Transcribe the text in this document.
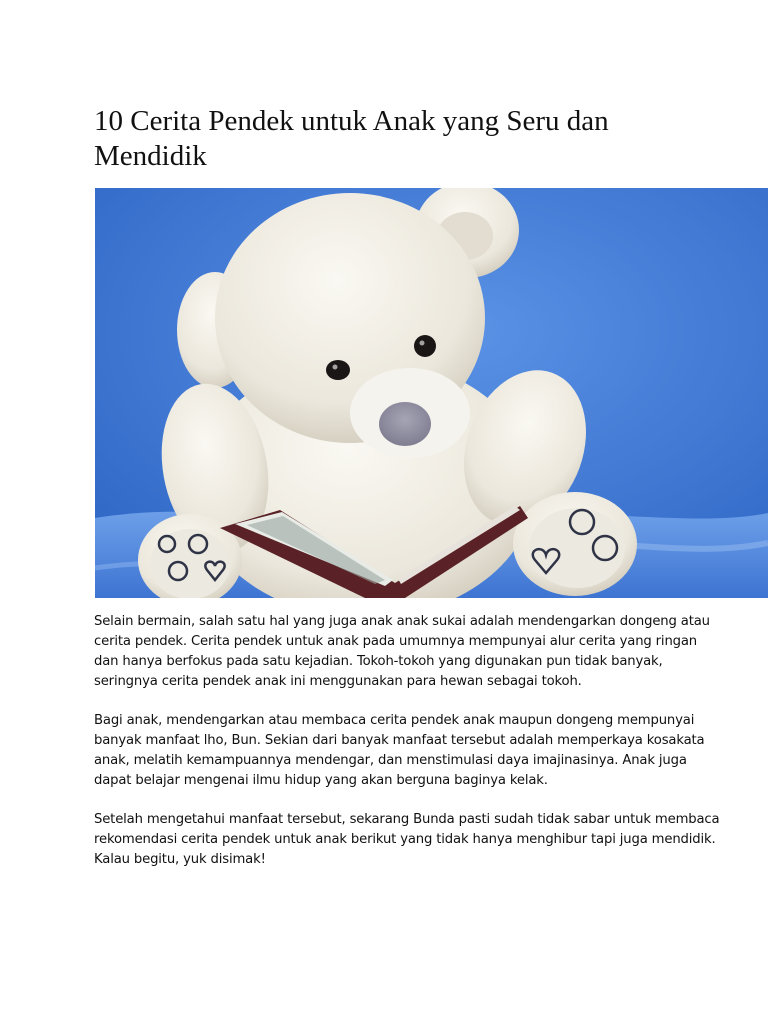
10 Cerita Pendek untuk Anak yang Seru dan Mendidik

Selain bermain, salah satu hal yang juga anak anak sukai adalah mendengarkan dongeng atau cerita pendek. Cerita pendek untuk anak pada umumnya mempunyai alur cerita yang ringan dan hanya berfokus pada satu kejadian. Tokoh-tokoh yang digunakan pun tidak banyak, seringnya cerita pendek anak ini menggunakan para hewan sebagai tokoh.

Bagi anak, mendengarkan atau membaca cerita pendek anak maupun dongeng mempunyai banyak manfaat lho, Bun. Sekian dari banyak manfaat tersebut adalah memperkaya kosakata anak, melatih kemampuannya mendengar, dan menstimulasi daya imajinasinya. Anak juga dapat belajar mengenai ilmu hidup yang akan berguna baginya kelak.

Setelah mengetahui manfaat tersebut, sekarang Bunda pasti sudah tidak sabar untuk membaca rekomendasi cerita pendek untuk anak berikut yang tidak hanya menghibur tapi juga mendidik. Kalau begitu, yuk disimak!
